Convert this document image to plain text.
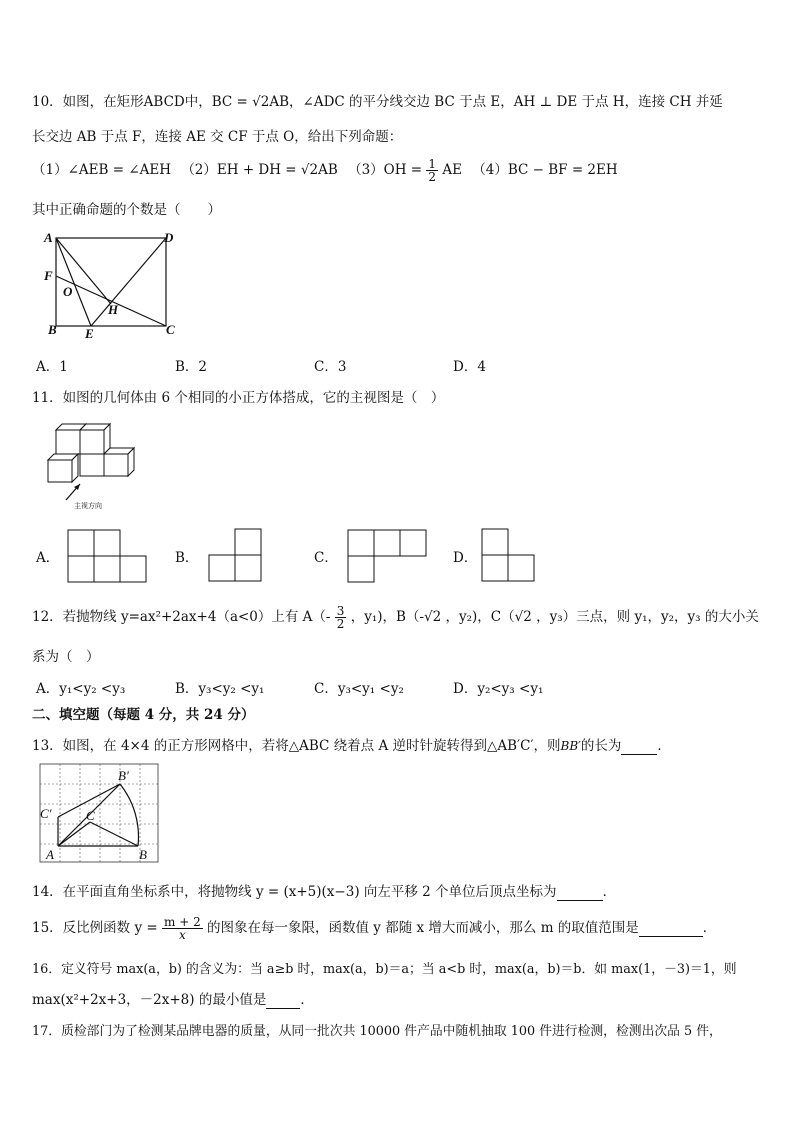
10．如图，在矩形ABCD中，BC = √2AB，∠ADC 的平分线交边 BC 于点 E，AH ⊥ DE 于点 H，连接 CH 并延
长交边 AB 于点 F，连接 AE 交 CF 于点 O，给出下列命题：
（1）∠AEB = ∠AEH （2）EH + DH = √2AB $(3)OH = \frac{1}{2}$ AE （4）BC − BF = 2EH
其中正确命题的个数是（　　）
A	D
F
O
H
B E	C
A．1	B．2	C．3	D．4
11．如图的几何体由 6 个相同的小正方体搭成，它的主视图是（　）
主视方向
A．	B．	C．	D．
12．若抛物线 y=ax²+2ax+4（a<0）上有 $A(- \frac{3}{2}$ ，y₁)，B（-√2 ，y₂)，C（√2 ，y₃）三点，则 y₁，y₂，y₃ 的大小关
系为（　）
A．y₁<y₂ <y₃	B．y₃<y₂ <y₁	C．y₃<y₁ <y₂	D．y₂<y₃ <y₁
二、填空题（每题 4 分，共 24 分）
13．如图，在 4×4 的正方形网格中，若将△ABC 绕着点 A 逆时针旋转得到△AB′C′，则BB′的长为	．
B′
C′	C
A	B
14．在平面直角坐标系中，将抛物线 y = (x+5)(x−3) 向左平移 2 个单位后顶点坐标为	．
15．反比例函数 $y = \frac{m + 2}{x}$ 的图象在每一象限，函数值 y 都随 x 增大而减小，那么 m 的取值范围是	．
16．定义符号 max(a，b) 的含义为：当 a≥b 时，max(a，b)＝a；当 a<b 时，max(a，b)＝b．如 max(1，－3)＝1，则
max(x²+2x+3，－2x+8) 的最小值是	．
17．质检部门为了检测某品牌电器的质量，从同一批次共 10000 件产品中随机抽取 100 件进行检测，检测出次品 5 件，
